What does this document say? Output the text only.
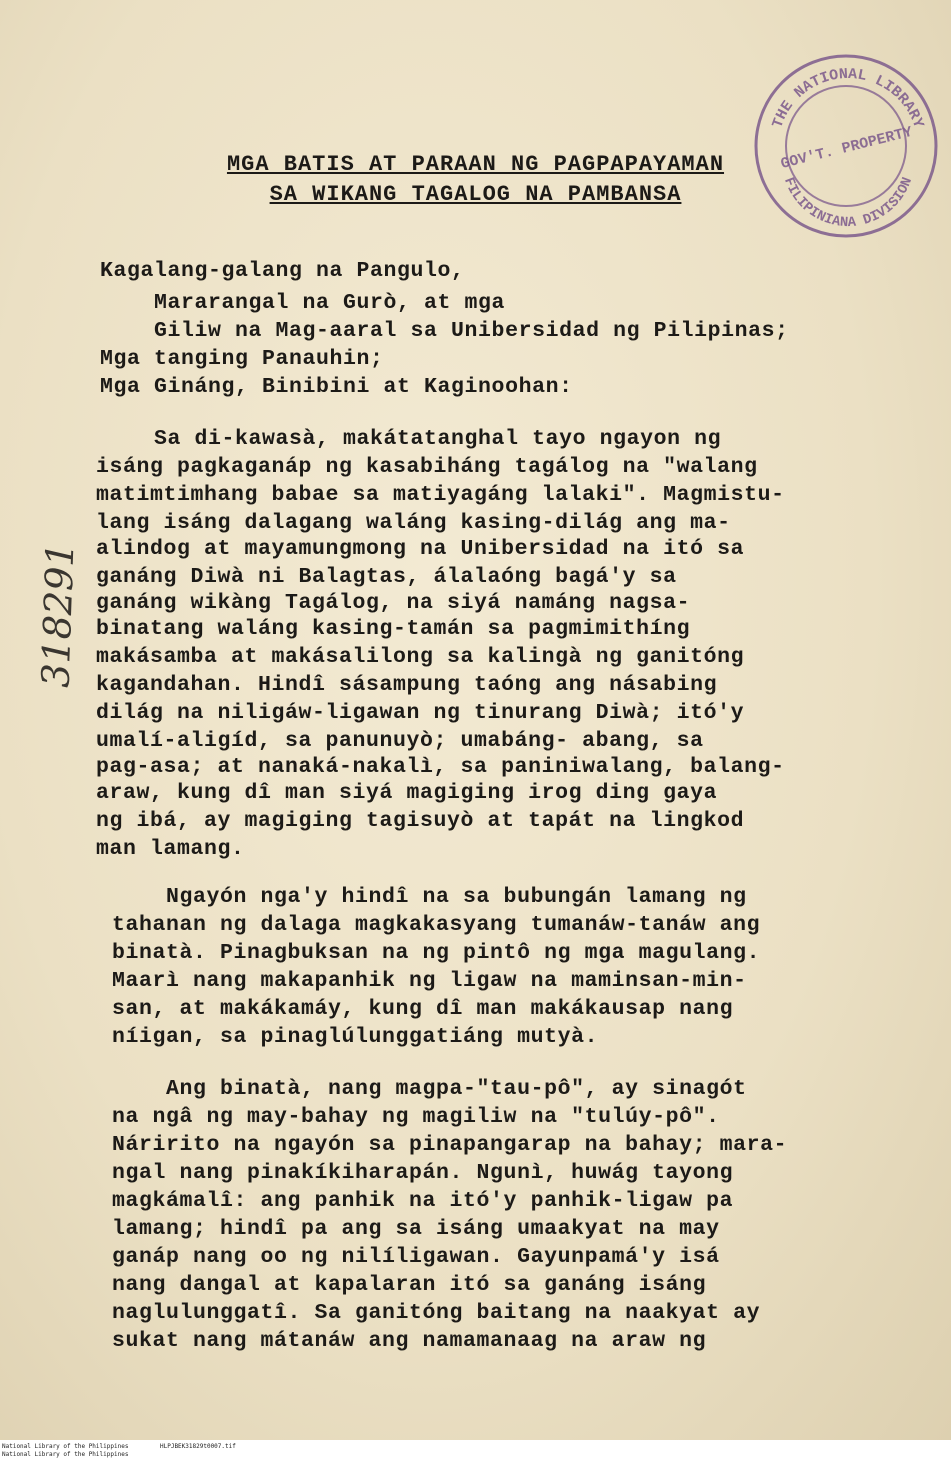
MGA BATIS AT PARAAN NG PAGPAPAYAMAN
SA WIKANG TAGALOG NA PAMBANSA
THE NATIONAL LIBRARY
GOV'T. PROPERTY
FILIPINIANA DIVISION
318291
Kagalang-galang na Pangulo,
Mararangal na Gurò, at mga
Giliw na Mag-aaral sa Unibersidad ng Pilipinas;
Mga tanging Panauhin;
Mga Gináng, Binibini at Kaginoohan:
Sa di-kawasà, makátatanghal tayo ngayon ng
isáng pagkaganáp ng kasabiháng tagálog na "walang
matimtimhang babae sa matiyagáng lalaki". Magmistu-
lang isáng dalagang waláng kasing-dilág ang ma-
alindog at mayamungmong na Unibersidad na itó sa
ganáng Diwà ni Balagtas, álalaóng bagá'y sa
ganáng wikàng Tagálog, na siyá namáng nagsa-
binatang waláng kasing-tamán sa pagmimithíng
makásamba at makásalilong sa kalingà ng ganitóng
kagandahan. Hindî sásampung taóng ang násabing
dilág na niligáw-ligawan ng tinurang Diwà; itó'y
umalí-aligíd, sa panunuyò; umabáng- abang, sa
pag-asa; at nanaká-nakalì, sa paniniwalang, balang-
araw, kung dî man siyá magiging irog ding gaya
ng ibá, ay magiging tagisuyò at tapát na lingkod
man lamang.
Ngayón nga'y hindî na sa bubungán lamang ng
tahanan ng dalaga magkakasyang tumanáw-tanáw ang
binatà. Pinagbuksan na ng pintô ng mga magulang.
Maarì nang makapanhik ng ligaw na maminsan-min-
san, at makákamáy, kung dî man makákausap nang
níigan, sa pinaglúlunggatiáng mutyà.
Ang binatà, nang magpa-"tau-pô", ay sinagót
na ngâ ng may-bahay ng magiliw na "tulúy-pô".
Náririto na ngayón sa pinapangarap na bahay; mara-
ngal nang pinakíkiharapán. Ngunì, huwág tayong
magkámalî: ang panhik na itó'y panhik-ligaw pa
lamang; hindî pa ang sa isáng umaakyat na may
ganáp nang oo ng nilíligawan. Gayunpamá'y isá
nang dangal at kapalaran itó sa ganáng isáng
naglulunggatî. Sa ganitóng baitang na naakyat ay
sukat nang mátanáw ang namamanaag na araw ng
National Library of the Philippines	HLPJBEK31829t0007.tif
National Library of the Philippines
